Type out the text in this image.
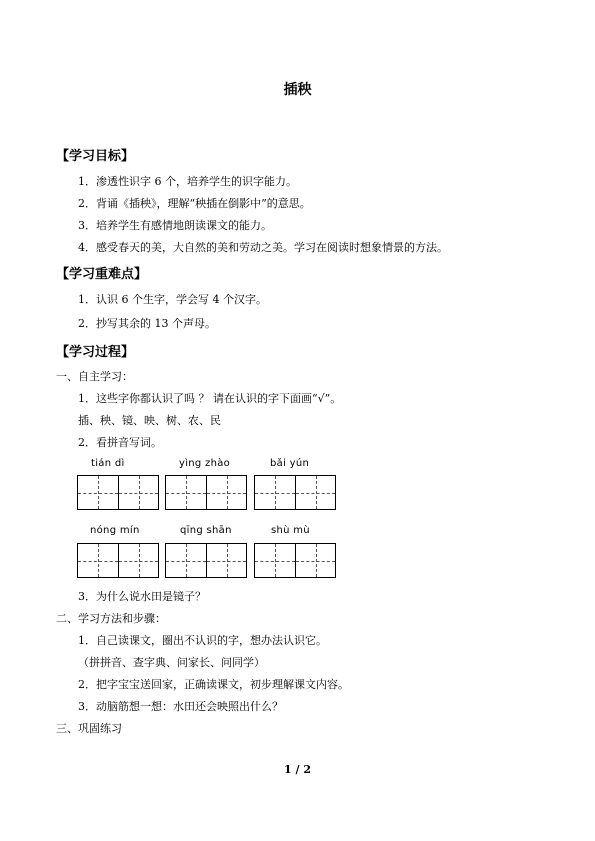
插秧
【学习目标】
1．渗透性识字 6 个，培养学生的识字能力。
2．背诵《插秧》，理解“秧插在倒影中”的意思。
3．培养学生有感情地朗读课文的能力。
4．感受春天的美，大自然的美和劳动之美。学习在阅读时想象情景的方法。
【学习重难点】
1．认识 6 个生字，学会写 4 个汉字。
2．抄写其余的 13 个声母。
【学习过程】
一、自主学习：
1．这些字你都认识了吗 ？ 请在认识的字下面画“√”。
插、秧、镜、映、树、农、民
2．看拼音写词。
tián dì	yìng zhào	bǎi yún
nóng mín	qīng shān	shù mù
3．为什么说水田是镜子？
二、学习方法和步骤：
1．自己读课文，圈出不认识的字，想办法认识它。
（拼拼音、查字典、问家长、问同学）
2．把字宝宝送回家，正确读课文，初步理解课文内容。
3．动脑筋想一想：水田还会映照出什么？
三、巩固练习
1 / 2
